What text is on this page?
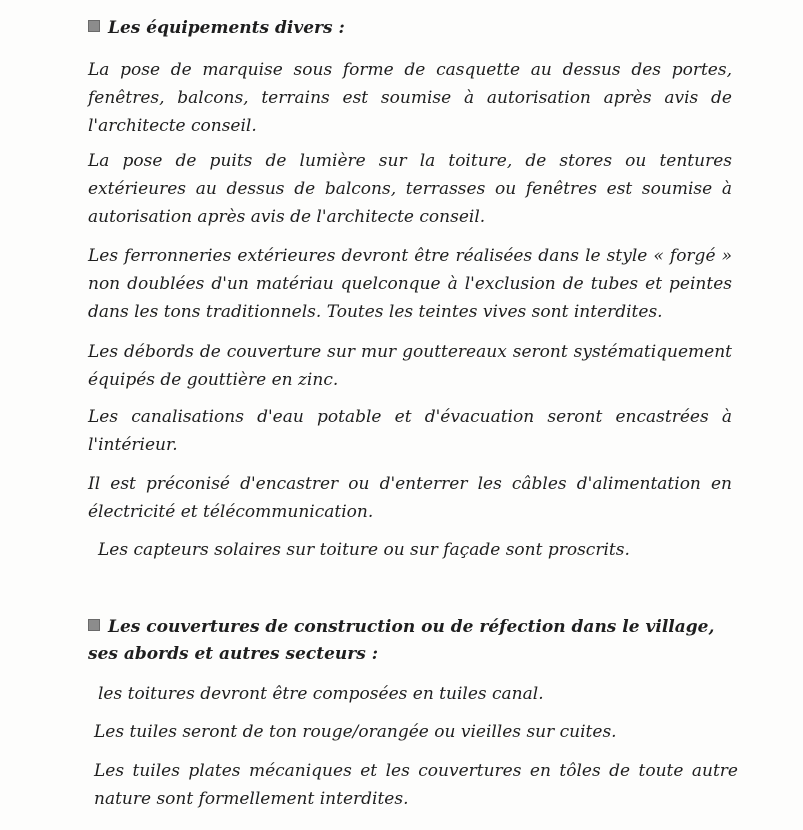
Les équipements divers :

La pose de marquise sous forme de casquette au dessus des portes, fenêtres, balcons, terrains est soumise à autorisation après avis de l'architecte conseil.

La pose de puits de lumière sur la toiture, de stores ou tentures extérieures au dessus de balcons, terrasses ou fenêtres est soumise à autorisation après avis de l'architecte conseil.

Les ferronneries extérieures devront être réalisées dans le style « forgé » non doublées d'un matériau quelconque à l'exclusion de tubes et peintes dans les tons traditionnels. Toutes les teintes vives sont interdites.

Les débords de couverture sur mur gouttereaux seront systématiquement équipés de gouttière en zinc.

Les canalisations d'eau potable et d'évacuation seront encastrées à l'intérieur.

Il est préconisé d'encastrer ou d'enterrer les câbles d'alimentation en électricité et télécommunication.

Les capteurs solaires sur toiture ou sur façade sont proscrits.

Les couvertures de construction ou de réfection dans le village, ses abords et autres secteurs :

les toitures devront être composées en tuiles canal.

Les tuiles seront de ton rouge/orangée ou vieilles sur cuites.

Les tuiles plates mécaniques et les couvertures en tôles de toute autre nature sont formellement interdites.
